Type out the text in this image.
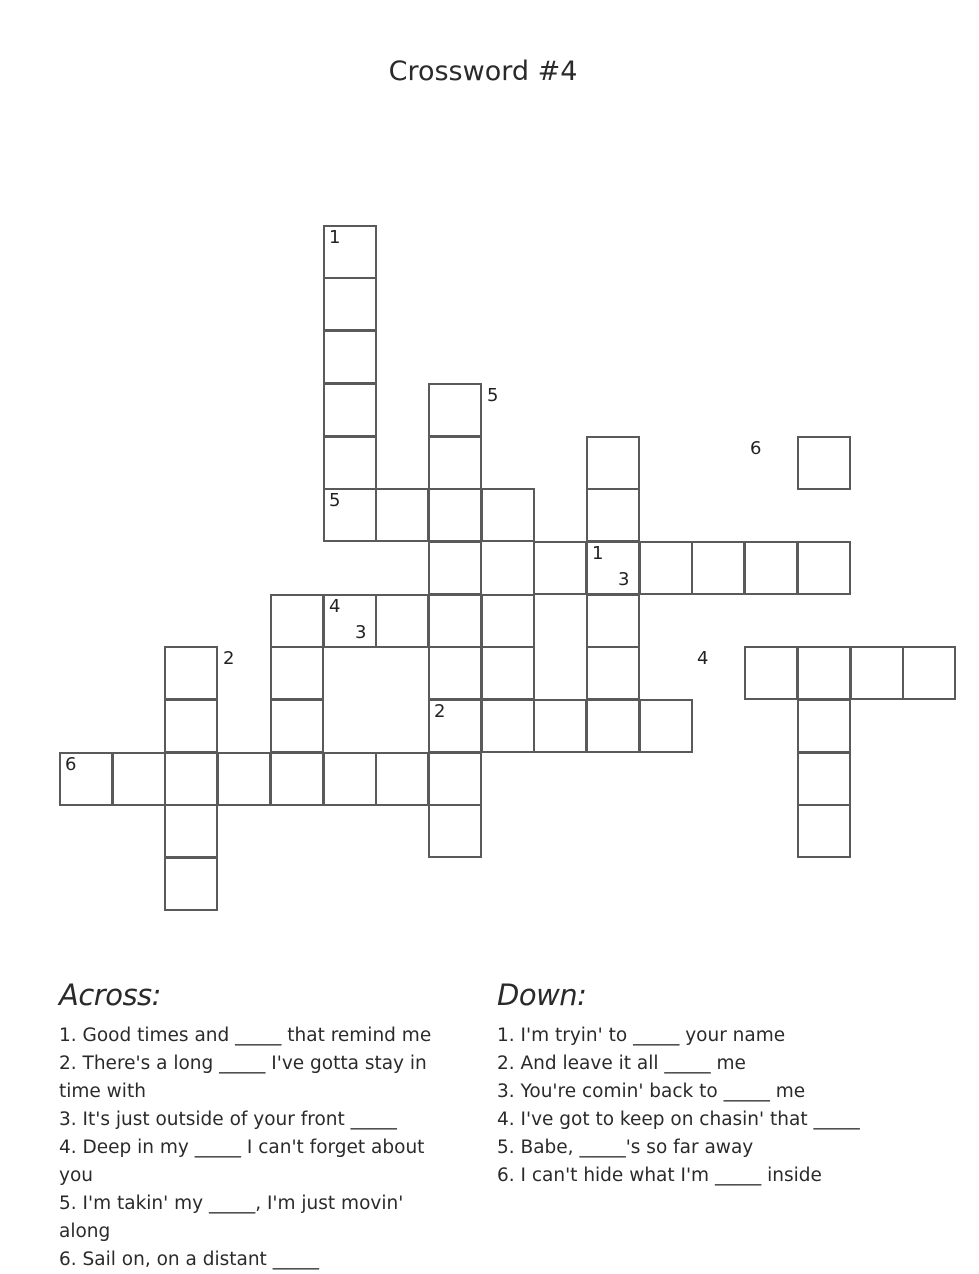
Crossword #4
1
5
6
5
1
3
4
3
2	4
2
6
Across:
1. Good times and _____ that remind me
2. There's a long _____ I've gotta stay in time with
3. It's just outside of your front _____
4. Deep in my _____ I can't forget about you
5. I'm takin' my _____, I'm just movin' along
6. Sail on, on a distant _____
Down:
1. I'm tryin' to _____ your name
2. And leave it all _____ me
3. You're comin' back to _____ me
4. I've got to keep on chasin' that _____
5. Babe, _____'s so far away
6. I can't hide what I'm _____ inside
